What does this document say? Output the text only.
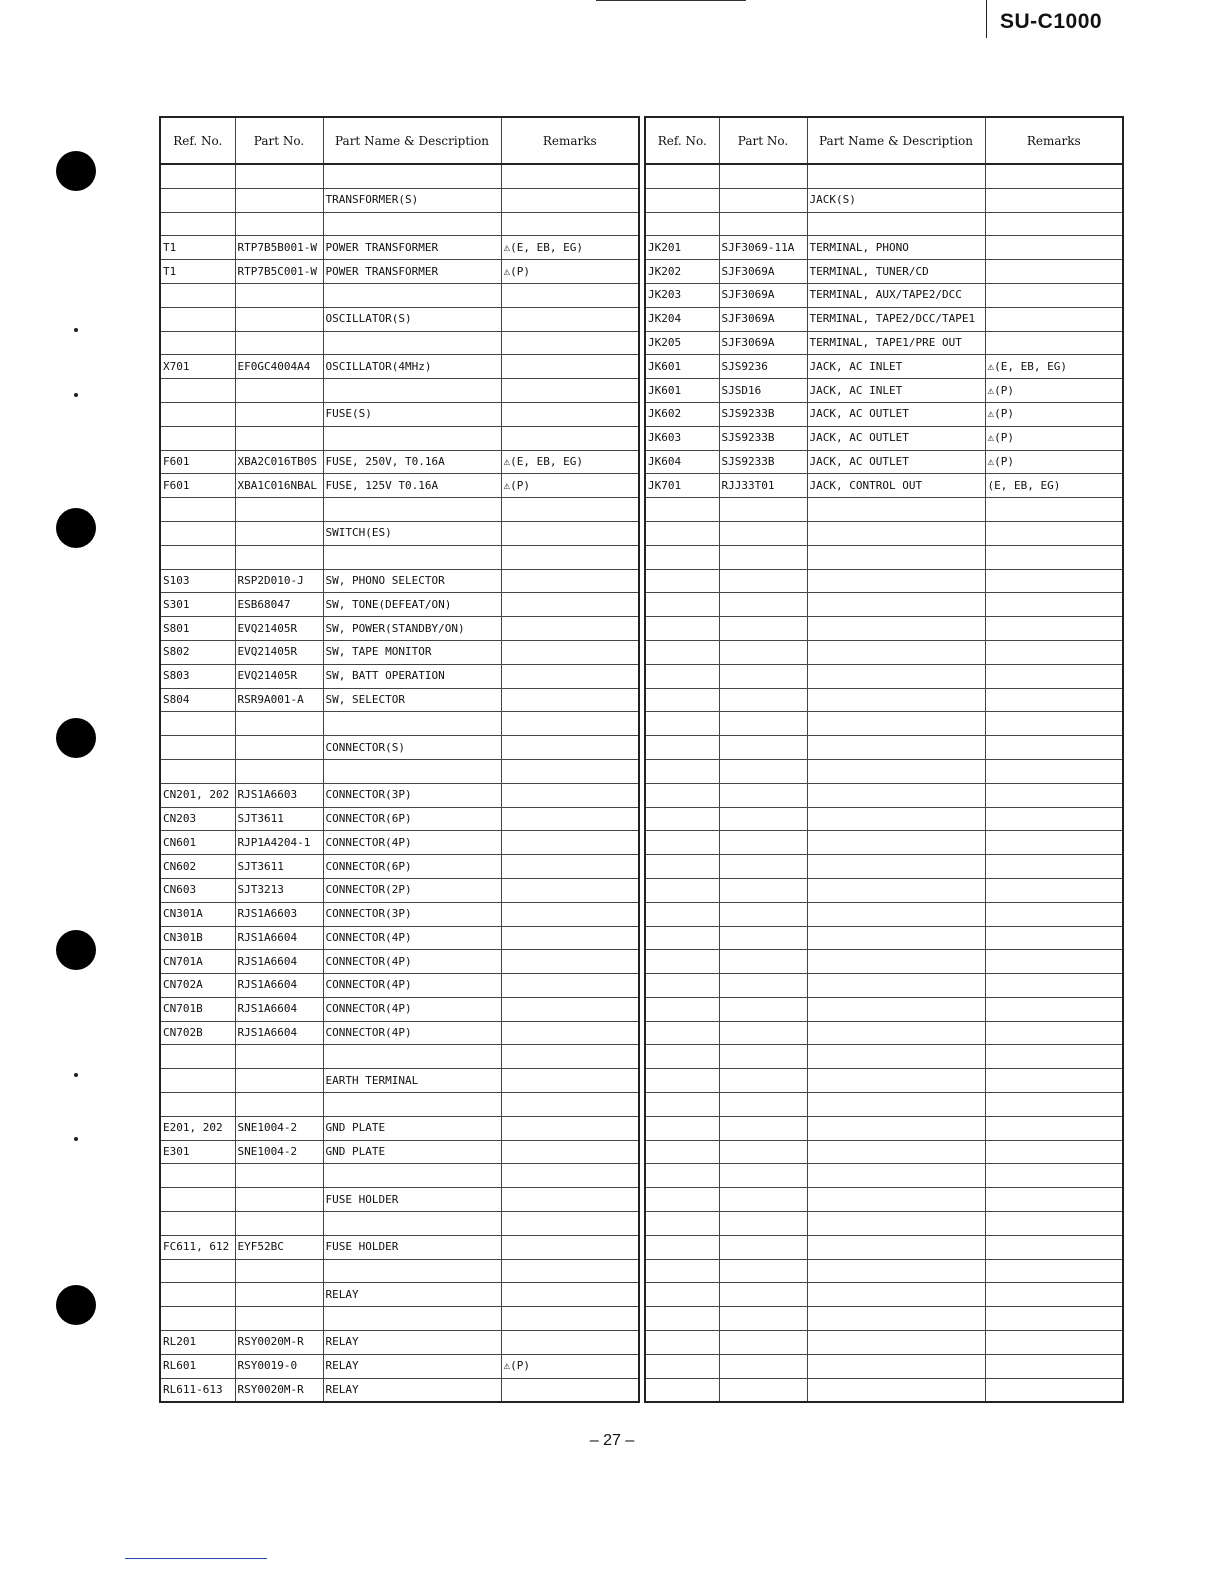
SU-C1000
Ref. No.	Part No.	Part Name & Description	Remarks

		TRANSFORMER(S)	

T1	RTP7B5B001-W	POWER TRANSFORMER	⚠(E, EB, EG)
T1	RTP7B5C001-W	POWER TRANSFORMER	⚠(P)

		OSCILLATOR(S)	

X701	EF0GC4004A4	OSCILLATOR(4MHz)	

		FUSE(S)	

F601	XBA2C016TB0S	FUSE, 250V, T0.16A	⚠(E, EB, EG)
F601	XBA1C016NBAL	FUSE, 125V T0.16A	⚠(P)

		SWITCH(ES)	

S103	RSP2D010-J	SW, PHONO SELECTOR	
S301	ESB68047	SW, TONE(DEFEAT/ON)	
S801	EVQ21405R	SW, POWER(STANDBY/ON)	
S802	EVQ21405R	SW, TAPE MONITOR	
S803	EVQ21405R	SW, BATT OPERATION	
S804	RSR9A001-A	SW, SELECTOR	

		CONNECTOR(S)	

CN201, 202	RJS1A6603	CONNECTOR(3P)	
CN203	SJT3611	CONNECTOR(6P)	
CN601	RJP1A4204-1	CONNECTOR(4P)	
CN602	SJT3611	CONNECTOR(6P)	
CN603	SJT3213	CONNECTOR(2P)	
CN301A	RJS1A6603	CONNECTOR(3P)	
CN301B	RJS1A6604	CONNECTOR(4P)	
CN701A	RJS1A6604	CONNECTOR(4P)	
CN702A	RJS1A6604	CONNECTOR(4P)	
CN701B	RJS1A6604	CONNECTOR(4P)	
CN702B	RJS1A6604	CONNECTOR(4P)	

		EARTH TERMINAL	

E201, 202	SNE1004-2	GND PLATE	
E301	SNE1004-2	GND PLATE	

		FUSE HOLDER	

FC611, 612	EYF52BC	FUSE HOLDER	

		RELAY	

RL201	RSY0020M-R	RELAY	
RL601	RSY0019-0	RELAY	⚠(P)
RL611-613	RSY0020M-R	RELAY	
Ref. No.	Part No.	Part Name & Description	Remarks

		JACK(S)	

JK201	SJF3069-11A	TERMINAL, PHONO	
JK202	SJF3069A	TERMINAL, TUNER/CD	
JK203	SJF3069A	TERMINAL, AUX/TAPE2/DCC	
JK204	SJF3069A	TERMINAL, TAPE2/DCC/TAPE1	
JK205	SJF3069A	TERMINAL, TAPE1/PRE OUT	
JK601	SJS9236	JACK, AC INLET	⚠(E, EB, EG)
JK601	SJSD16	JACK, AC INLET	⚠(P)
JK602	SJS9233B	JACK, AC OUTLET	⚠(P)
JK603	SJS9233B	JACK, AC OUTLET	⚠(P)
JK604	SJS9233B	JACK, AC OUTLET	⚠(P)
JK701	RJJ33T01	JACK, CONTROL OUT	(E, EB, EG)

– 27 –
